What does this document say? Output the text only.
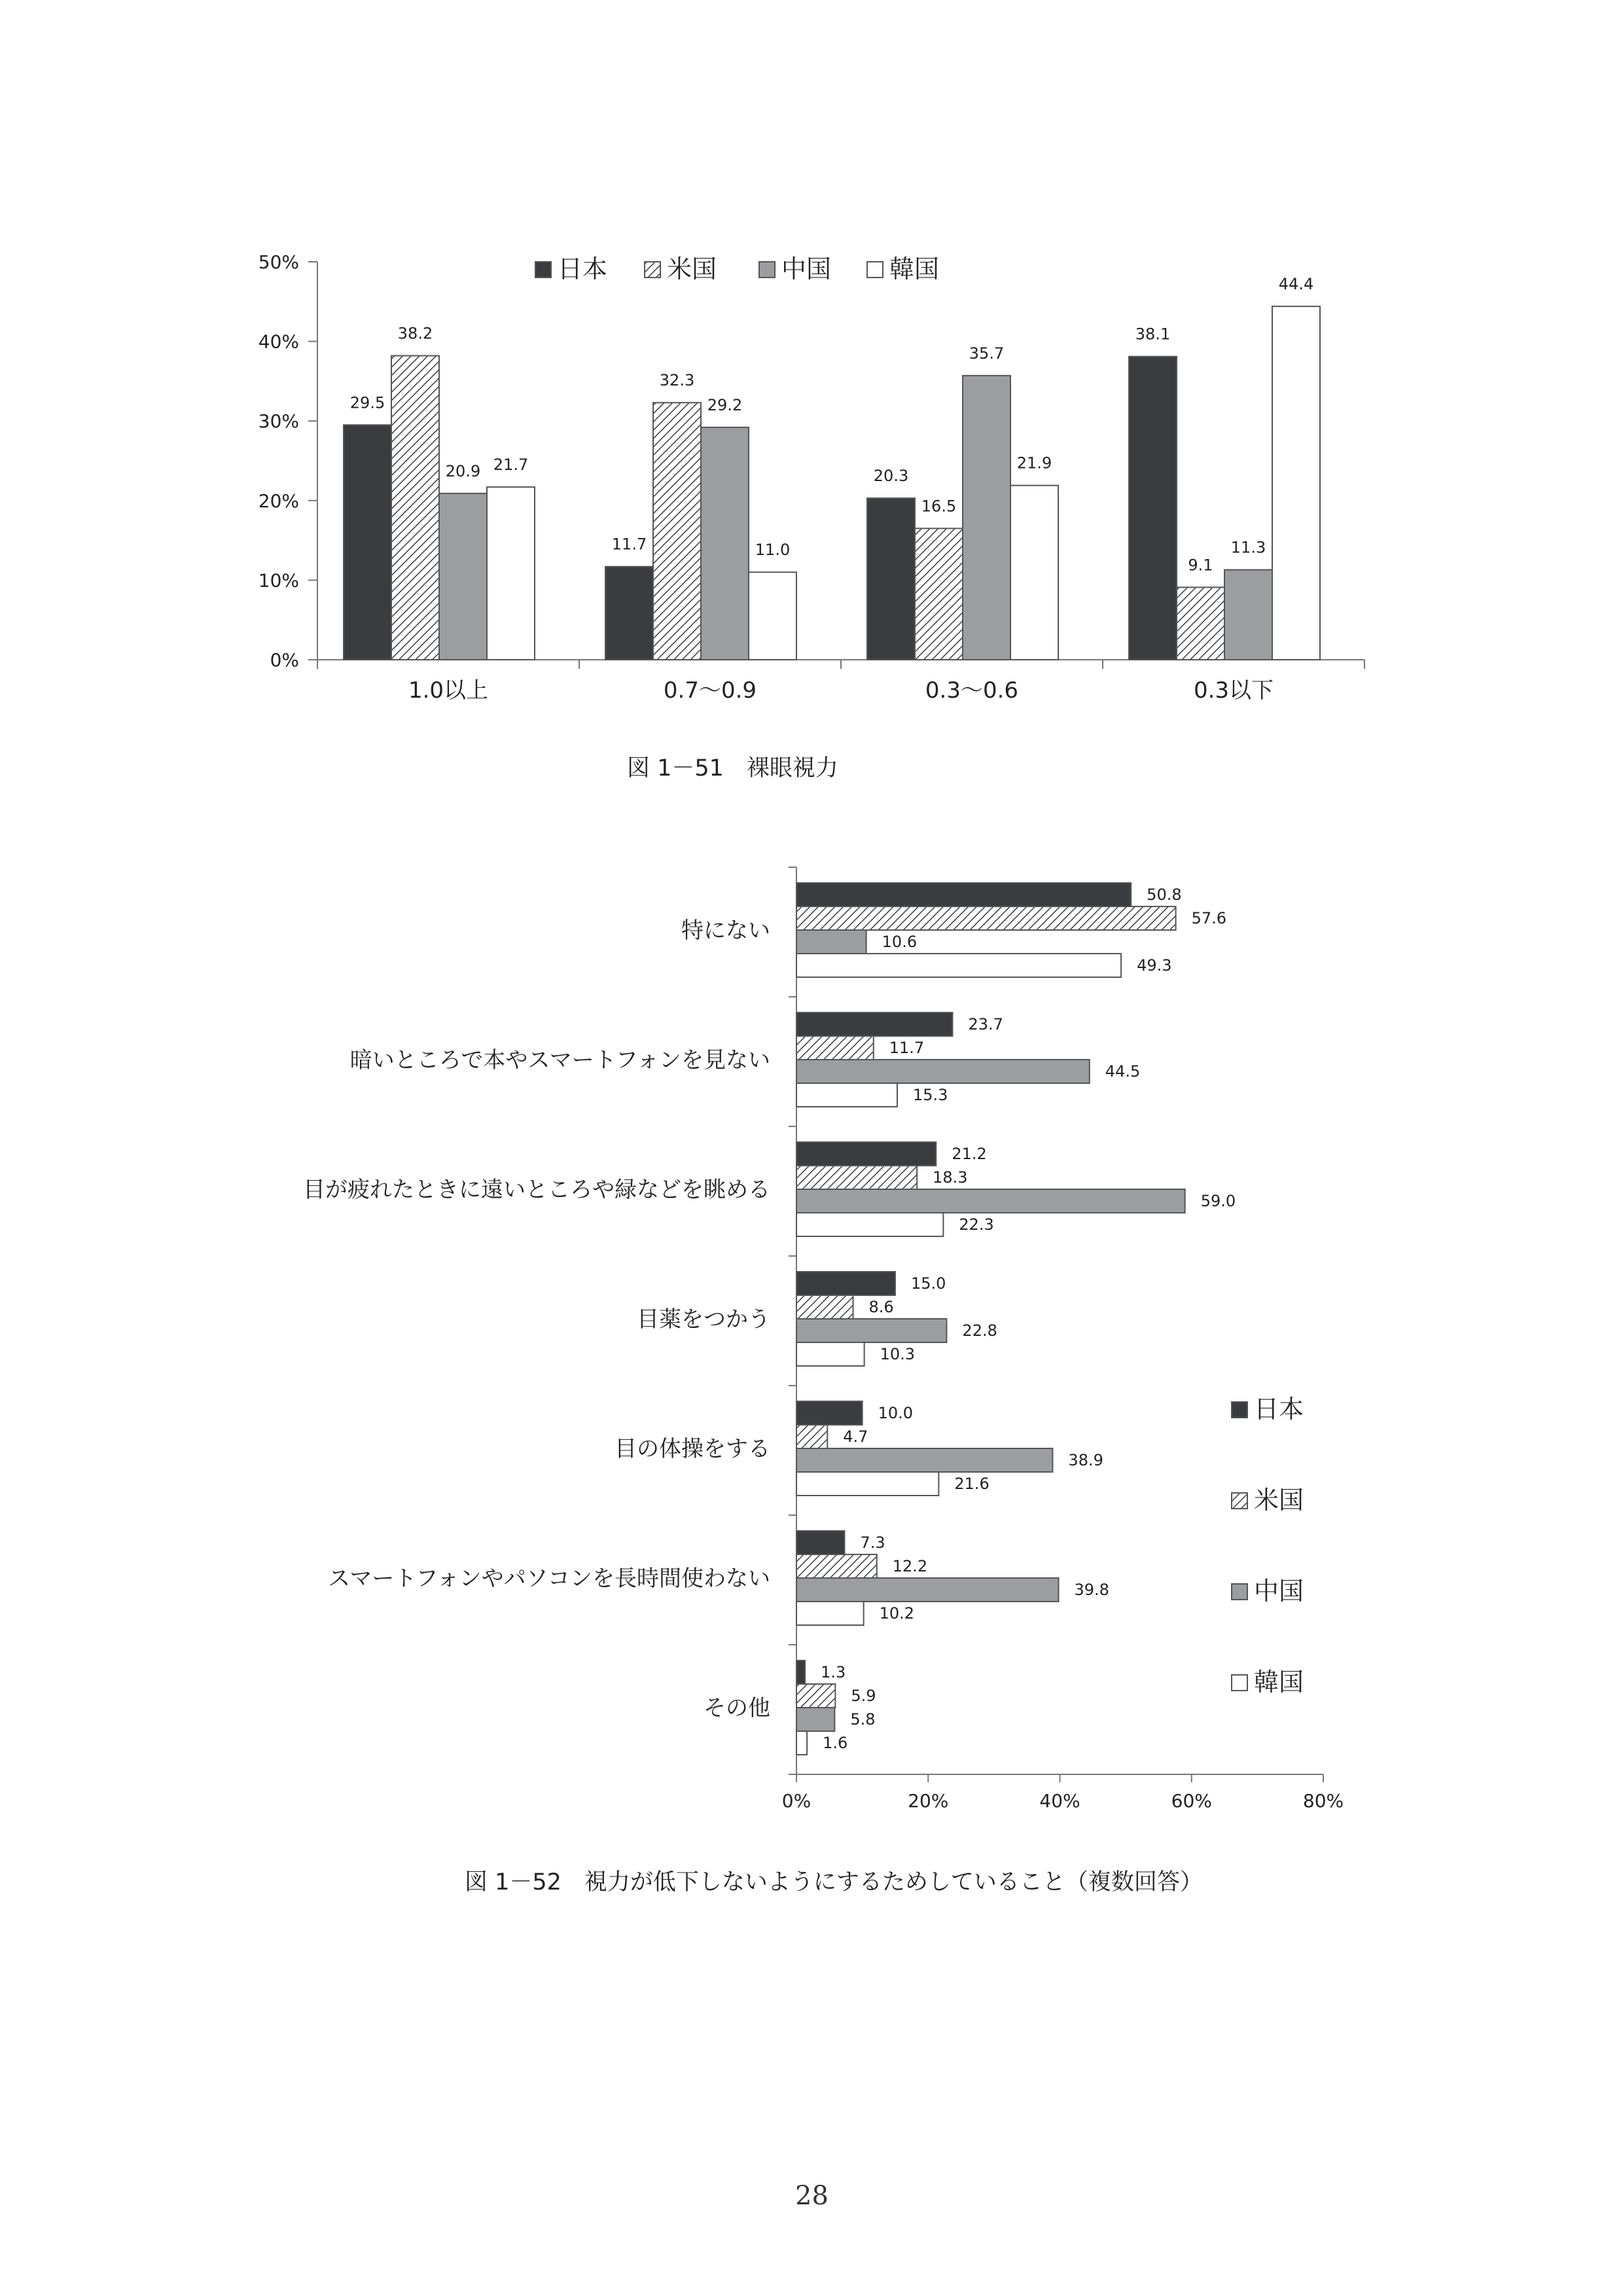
0%
10%
20%
30%
40%
50%
1.0以上
29.5
38.2
20.9 21.7
0.7〜0.9
11.7
32.3
29.2
11.0
0.3〜0.6
20.3
16.5
35.7
21.9
0.3以下
38.1
9.1
11.3
44.4
日本 米国	中国 韓国
0%	20%	40%	60%	80%
特にない
50.8
57.6
10.6
49.3
暗いところで本やスマートフォンを見ない
23.7
11.7
44.5
15.3
目が疲れたときに遠いところや緑などを眺める
21.2
18.3
59.0
22.3
目薬をつかう
15.0
8.6
22.8
10.3
目の体操をする
10.0
4.7
38.9
21.6
スマートフォンやパソコンを長時間使わない
7.3
12.2
39.8
10.2
その他
1.3
5.9
5.8
1.6
日本
米国
中国
韓国
図 1－51　裸眼視力
図 1－52　視力が低下しないようにするためしていること（複数回答）
28
